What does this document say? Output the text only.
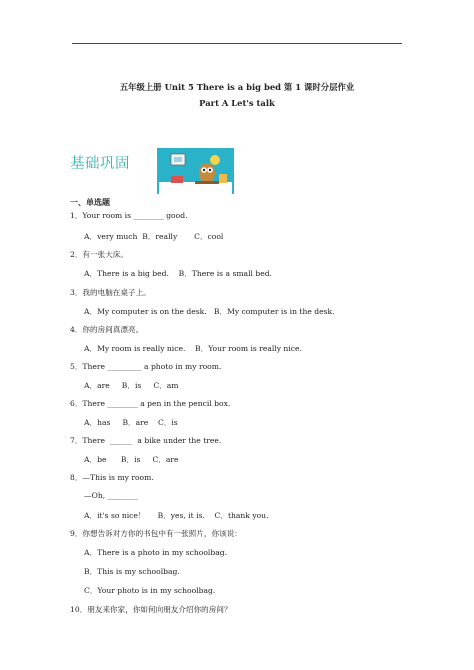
五年级上册 Unit 5 There is a big bed 第 1 课时分层作业
Part A Let's talk
基础巩固
一、单选题
1．Your room is ________ good.
A．very much  B．really       C．cool
2．有一张大床。
A．There is a big bed.    B．There is a small bed.
3．我的电脑在桌子上。
A．My computer is on the desk.   B．My computer is in the desk.
4．你的房间真漂亮。
A．My room is really nice.    B．Your room is really nice.
5．There _________ a photo in my room.
A．are     B．is     C．am
6．There ________ a pen in the pencil box.
A．has     B．are    C．is
7．There  ______  a bike under the tree.
A．be      B．is     C．are
8．—This is my room.
—Oh, ________
A．it's so nice！     B．yes, it is.    C．thank you.
9．你想告诉对方你的书包中有一张照片，你该说：
A．There is a photo in my schoolbag.
B．This is my schoolbag.
C．Your photo is in my schoolbag.
10．朋友来你家，你如何向朋友介绍你的房间？
